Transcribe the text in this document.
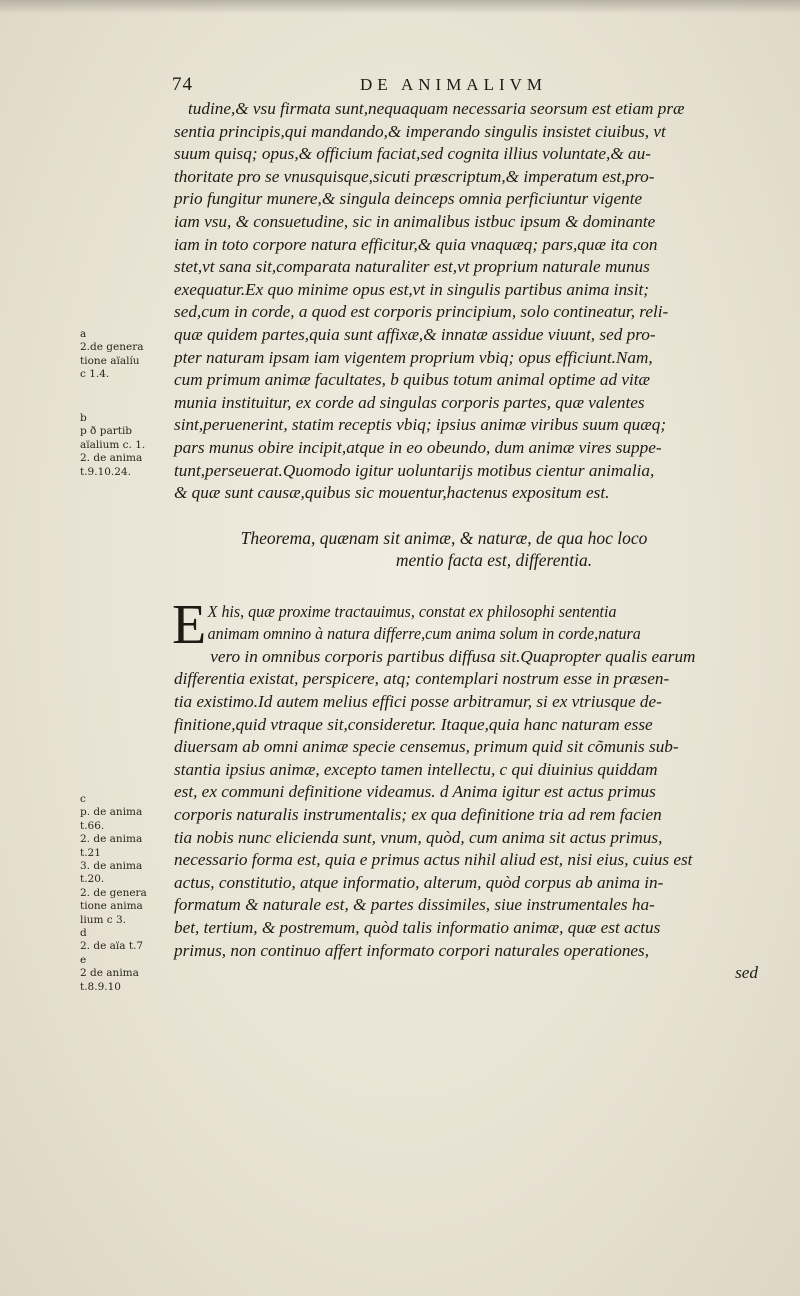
74	DE ANIMALIVM
a
2.de genera
tione aïalíu
c 1.4.
b
p ð partib
aïalium c. 1.
2. de anima
t.9.10.24.
c
p. de anima
t.66.
2. de anima
t.21
3. de anima
t.20.
2. de genera
tione anima
lium c 3.
d
2. de aïa t.7
e
2 de anima
t.8.9.10
tudine,& vsu firmata sunt,nequaquam necessaria seorsum est etiam præ
sentia principis,qui mandando,& imperando singulis insistet ciuibus, vt
suum quisq; opus,& officium faciat,sed cognita illius voluntate,& au-
thoritate pro se vnusquisque,sicuti præscriptum,& imperatum est,pro-
prio fungitur munere,& singula deinceps omnia perficiuntur vigente
iam vsu, & consuetudine, sic in animalibus istbuc ipsum & dominante
iam in toto corpore natura efficitur,& quia vnaquæq; pars,quæ ita con
stet,vt sana sit,comparata naturaliter est,vt proprium naturale munus
exequatur.Ex quo minime opus est,vt in singulis partibus anima insit;
sed,cum in corde, a quod est corporis principium, solo contineatur, reli-
quæ quidem partes,quia sunt affixæ,& innatæ assidue viuunt, sed pro-
pter naturam ipsam iam vigentem proprium vbiq; opus efficiunt.Nam,
cum primum animæ facultates, b quibus totum animal optime ad vitæ
munia instituitur, ex corde ad singulas corporis partes, quæ valentes
sint,peruenerint, statim receptis vbiq; ipsius animæ viribus suum quæq;
pars munus obire incipit,atque in eo obeundo, dum animæ vires suppe-
tunt,perseuerat.Quomodo igitur uoluntarijs motibus cientur animalia,
& quæ sunt causæ,quibus sic mouentur,hactenus expositum est.
Theorema, quænam sit animæ, & naturæ, de qua hoc loco
mentio facta est, differentia.
E X his, quæ proxime tractauimus, constat ex philosophi sententia
animam omnino à natura differre,cum anima solum in corde,natura
vero in omnibus corporis partibus diffusa sit.Quapropter qualis earum
differentia existat, perspicere, atq; contemplari nostrum esse in præsen-
tia existimo.Id autem melius effici posse arbitramur, si ex vtriusque de-
finitione,quid vtraque sit,consideretur. Itaque,quia hanc naturam esse
diuersam ab omni animæ specie censemus, primum quid sit cõmunis sub-
stantia ipsius animæ, excepto tamen intellectu, c qui diuinius quiddam
est, ex communi definitione videamus. d Anima igitur est actus primus
corporis naturalis instrumentalis; ex qua definitione tria ad rem facien
tia nobis nunc elicienda sunt, vnum, quòd, cum anima sit actus primus,
necessario forma est, quia e primus actus nihil aliud est, nisi eius, cuius est
actus, constitutio, atque informatio, alterum, quòd corpus ab anima in-
formatum & naturale est, & partes dissimiles, siue instrumentales ha-
bet, tertium, & postremum, quòd talis informatio animæ, quæ est actus
primus, non continuo affert informato corpori naturales operationes,
sed
